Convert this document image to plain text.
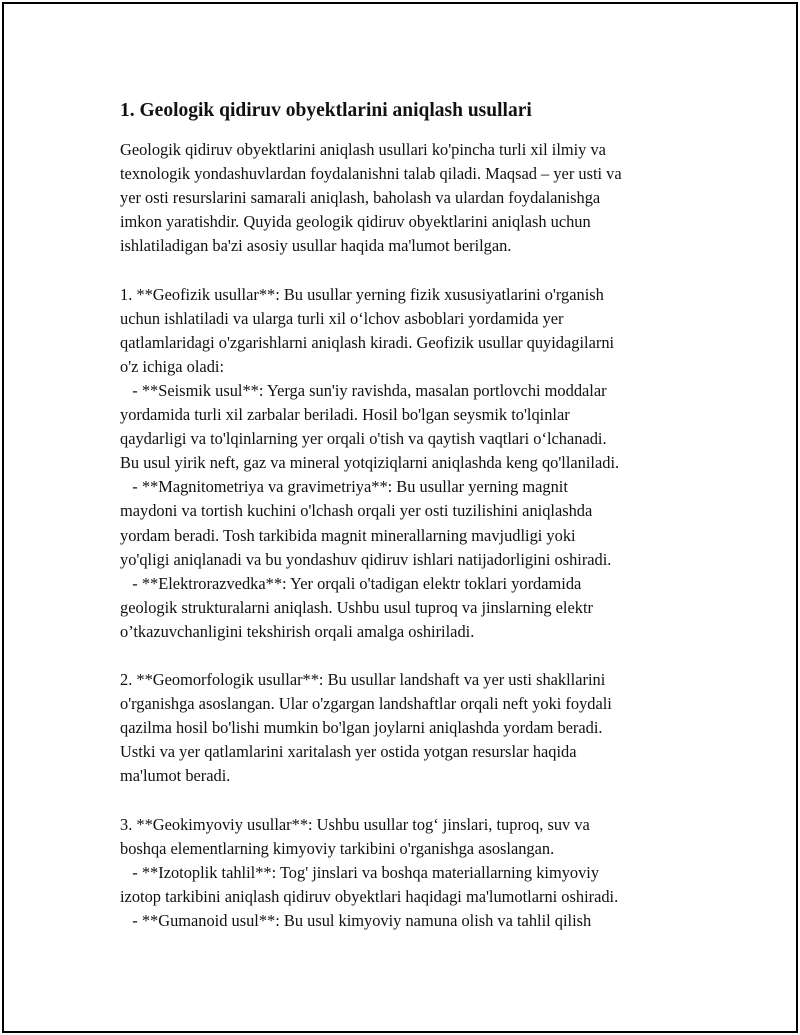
1. Geologik qidiruv obyektlarini aniqlash usullari
Geologik qidiruv obyektlarini aniqlash usullari ko'pincha turli xil ilmiy va
texnologik yondashuvlardan foydalanishni talab qiladi. Maqsad – yer usti va
yer osti resurslarini samarali aniqlash, baholash va ulardan foydalanishga
imkon yaratishdir. Quyida geologik qidiruv obyektlarini aniqlash uchun
ishlatiladigan ba'zi asosiy usullar haqida ma'lumot berilgan.
1. **Geofizik usullar**: Bu usullar yerning fizik xususiyatlarini o'rganish
uchun ishlatiladi va ularga turli xil o‘lchov asboblari yordamida yer
qatlamlaridagi o'zgarishlarni aniqlash kiradi. Geofizik usullar quyidagilarni
o'z ichiga oladi:
- **Seismik usul**: Yerga sun'iy ravishda, masalan portlovchi moddalar
yordamida turli xil zarbalar beriladi. Hosil bo'lgan seysmik to'lqinlar
qaydarligi va to'lqinlarning yer orqali o'tish va qaytish vaqtlari o‘lchanadi.
Bu usul yirik neft, gaz va mineral yotqiziqlarni aniqlashda keng qo'llaniladi.
- **Magnitometriya va gravimetriya**: Bu usullar yerning magnit
maydoni va tortish kuchini o'lchash orqali yer osti tuzilishini aniqlashda
yordam beradi. Tosh tarkibida magnit minerallarning mavjudligi yoki
yo'qligi aniqlanadi va bu yondashuv qidiruv ishlari natijadorligini oshiradi.
- **Elektrorazvedka**: Yer orqali o'tadigan elektr toklari yordamida
geologik strukturalarni aniqlash. Ushbu usul tuproq va jinslarning elektr
o’tkazuvchanligini tekshirish orqali amalga oshiriladi.
2. **Geomorfologik usullar**: Bu usullar landshaft va yer usti shakllarini
o'rganishga asoslangan. Ular o'zgargan landshaftlar orqali neft yoki foydali
qazilma hosil bo'lishi mumkin bo'lgan joylarni aniqlashda yordam beradi.
Ustki va yer qatlamlarini xaritalash yer ostida yotgan resurslar haqida
ma'lumot beradi.
3. **Geokimyoviy usullar**: Ushbu usullar tog‘ jinslari, tuproq, suv va
boshqa elementlarning kimyoviy tarkibini o'rganishga asoslangan.
- **Izotoplik tahlil**: Tog' jinslari va boshqa materiallarning kimyoviy
izotop tarkibini aniqlash qidiruv obyektlari haqidagi ma'lumotlarni oshiradi.
- **Gumanoid usul**: Bu usul kimyoviy namuna olish va tahlil qilish
